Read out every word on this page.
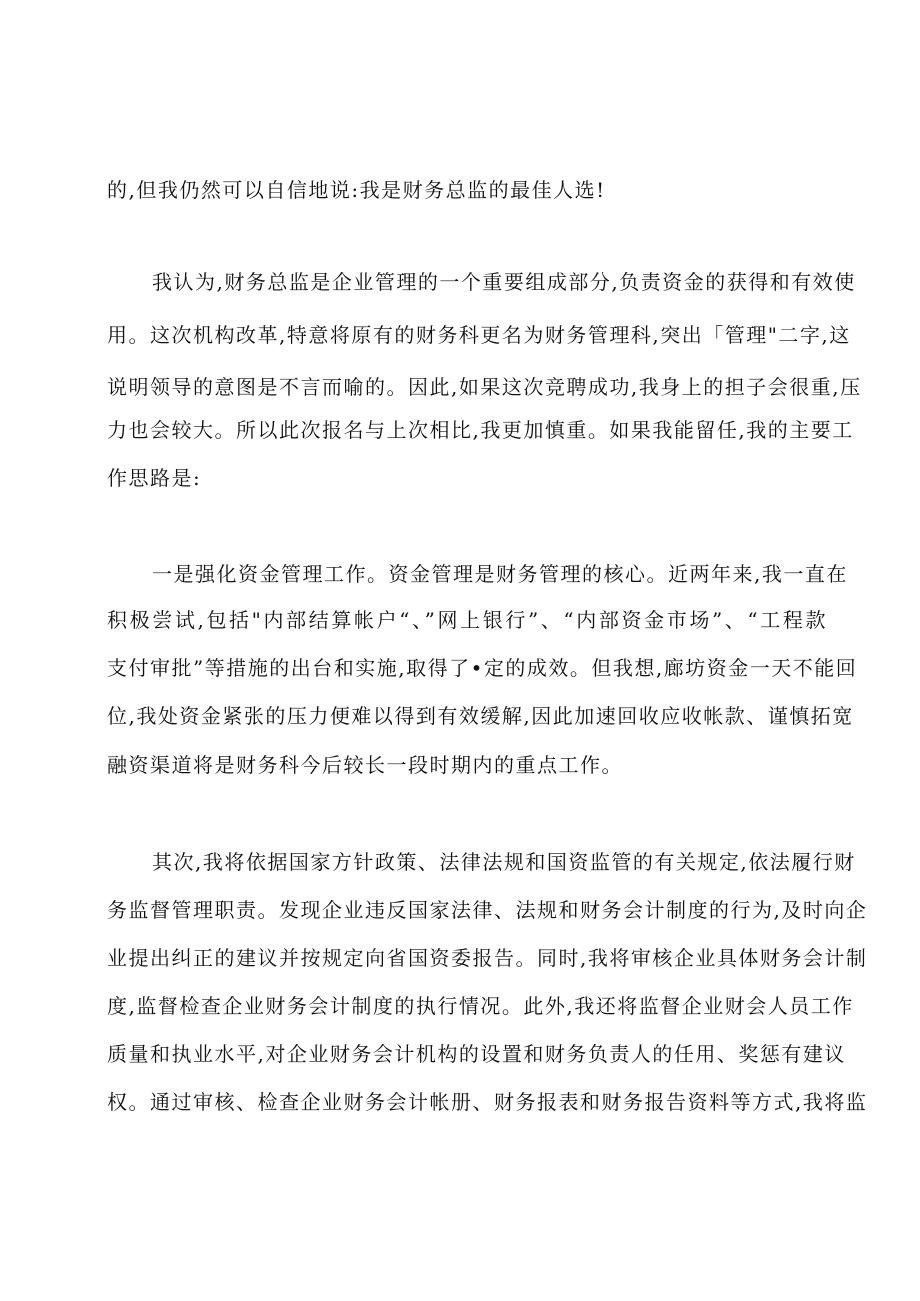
的,但我仍然可以自信地说:我是财务总监的最佳人选!
我认为,财务总监是企业管理的一个重要组成部分,负责资金的获得和有效使
用。这次机构改革,特意将原有的财务科更名为财务管理科,突出「管理"二字,这
说明领导的意图是不言而喻的。因此,如果这次竞聘成功,我身上的担子会很重,压
力也会较大。所以此次报名与上次相比,我更加慎重。如果我能留任,我的主要工
作思路是:
一是强化资金管理工作。资金管理是财务管理的核心。近两年来,我一直在
积极尝试,包括"内部结算帐户“、”网上银行”、“内部资金市场”、“工程款
支付审批”等措施的出台和实施,取得了•定的成效。但我想,廊坊资金一天不能回
位,我处资金紧张的压力便难以得到有效缓解,因此加速回收应收帐款、谨慎拓宽
融资渠道将是财务科今后较长一段时期内的重点工作。
其次,我将依据国家方针政策、法律法规和国资监管的有关规定,依法履行财
务监督管理职责。发现企业违反国家法律、法规和财务会计制度的行为,及时向企
业提出纠正的建议并按规定向省国资委报告。同时,我将审核企业具体财务会计制
度,监督检查企业财务会计制度的执行情况。此外,我还将监督企业财会人员工作
质量和执业水平,对企业财务会计机构的设置和财务负责人的任用、奖惩有建议
权。通过审核、检查企业财务会计帐册、财务报表和财务报告资料等方式,我将监
